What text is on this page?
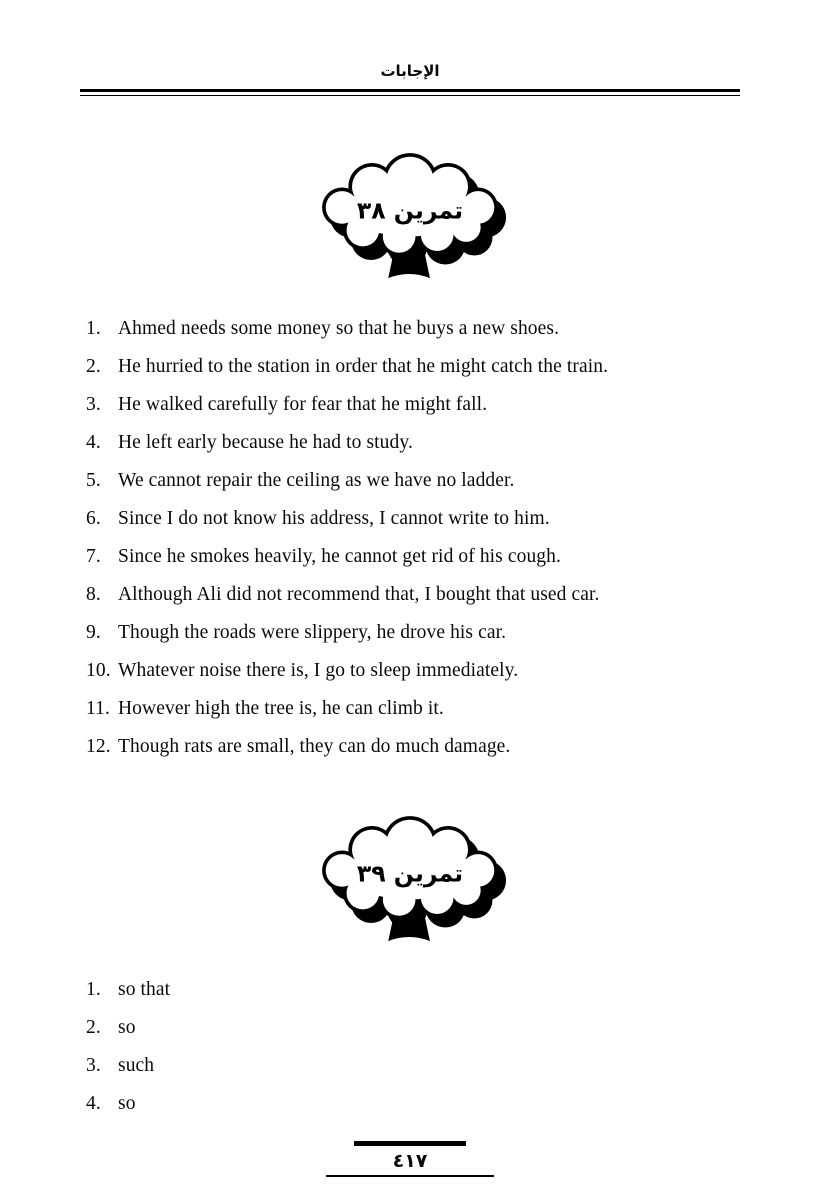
الإجابات
تمرين ٣٨
1. Ahmed needs some money so that he buys a new shoes.
2. He hurried to the station in order that he might catch the train.
3. He walked carefully for fear that he might fall.
4. He left early because he had to study.
5. We cannot repair the ceiling as we have no ladder.
6. Since I do not know his address, I cannot write to him.
7. Since he smokes heavily, he cannot get rid of his cough.
8. Although Ali did not recommend that, I bought that used car.
9. Though the roads were slippery, he drove his car.
10. Whatever noise there is, I go to sleep immediately.
11. However high the tree is, he can climb it.
12. Though rats are small, they can do much damage.
تمرين ٣٩
1. so that
2. so
3. such
4. so
٤١٧
